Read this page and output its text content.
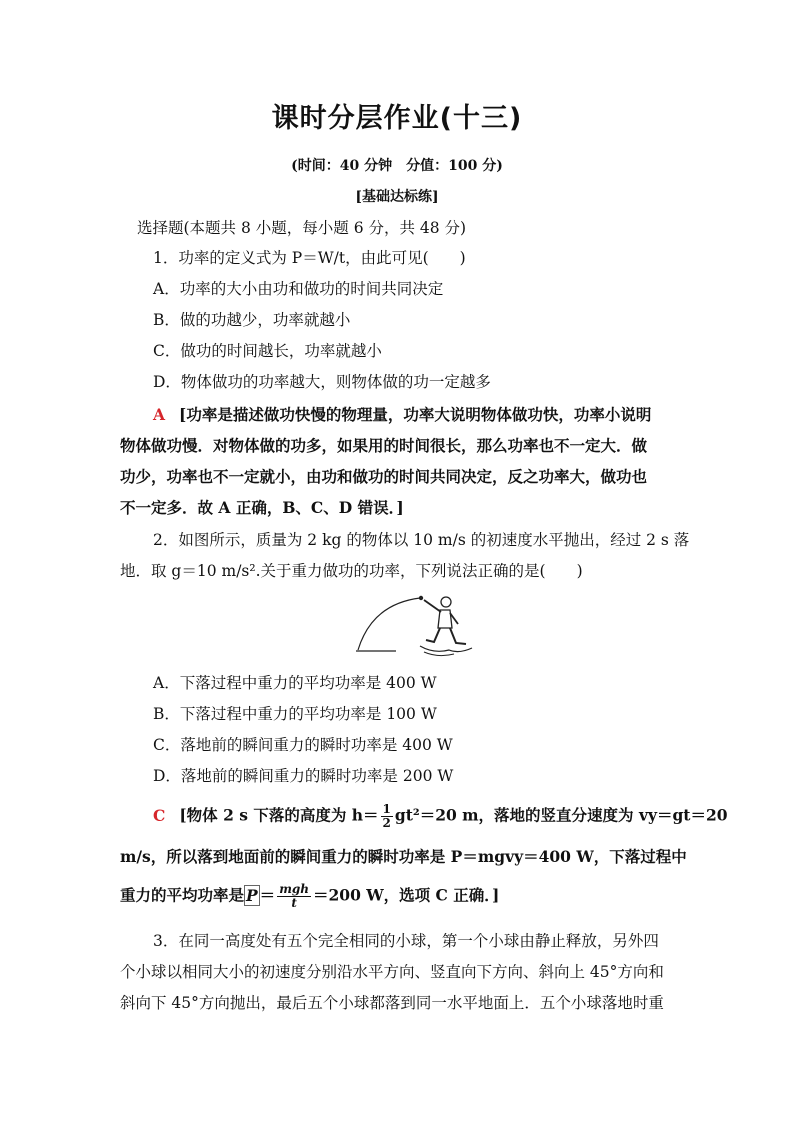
课时分层作业(十三)
(时间：40 分钟　分值：100 分)
[基础达标练]
选择题(本题共 8 小题，每小题 6 分，共 48 分)
1．功率的定义式为 P＝W/t，由此可见(　　)
A．功率的大小由功和做功的时间共同决定
B．做的功越少，功率就越小
C．做功的时间越长，功率就越小
D．物体做功的功率越大，则物体做的功一定越多
A [功率是描述做功快慢的物理量，功率大说明物体做功快，功率小说明
物体做功慢．对物体做的功多，如果用的时间很长，那么功率也不一定大．做
功少，功率也不一定就小，由功和做功的时间共同决定，反之功率大，做功也
不一定多．故 A 正确，B、C、D 错误．]
2．如图所示，质量为 2 kg 的物体以 10 m/s 的初速度水平抛出，经过 2 s 落
地．取 g＝10 m/s².关于重力做功的功率，下列说法正确的是(　　)
A．下落过程中重力的平均功率是 400 W
B．下落过程中重力的平均功率是 100 W
C．落地前的瞬间重力的瞬时功率是 400 W
D．落地前的瞬间重力的瞬时功率是 200 W
C [物体 2 s 下落的高度为 $h= \frac{1}{2} gt^2=20$ m，落地的竖直分速度为 vy＝gt＝20
m/s，所以落到地面前的瞬间重力的瞬时功率是 P＝mgvy＝400 W，下落过程中
重力的平均功率是 $P = \frac{\text{mgh}}{t} =200$ W，选项 C 正确．]
3．在同一高度处有五个完全相同的小球，第一个小球由静止释放，另外四
个小球以相同大小的初速度分别沿水平方向、竖直向下方向、斜向上 45°方向和
斜向下 45°方向抛出，最后五个小球都落到同一水平地面上．五个小球落地时重
